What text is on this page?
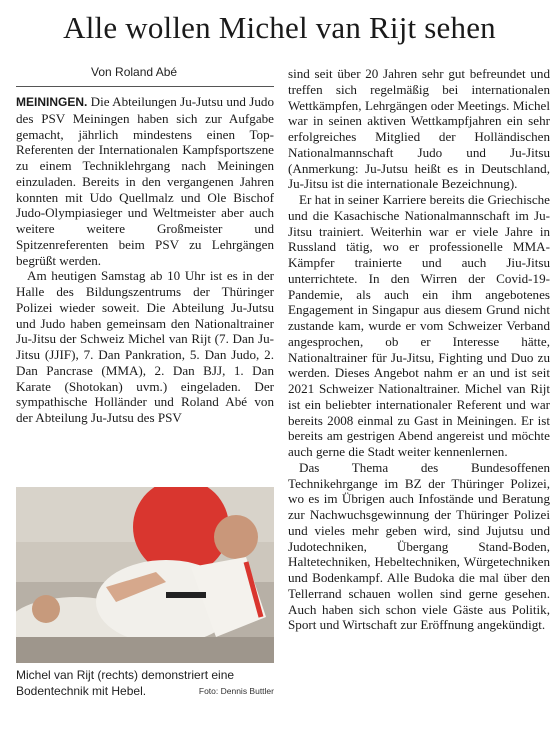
Alle wollen Michel van Rijt sehen
Von Roland Abé

MEININGEN. Die Abteilungen Ju-Jutsu und Judo des PSV Meiningen haben sich zur Aufgabe gemacht, jährlich mindestens einen Top-Referenten der Internationalen Kampfsportszene zu einem Techniklehrgang nach Meiningen einzuladen. Bereits in den vergangenen Jahren konnten mit Udo Quellmalz und Ole Bischof Judo-Olympiasieger und Weltmeister aber auch weitere weitere Großmeister und Spitzenreferenten beim PSV zu Lehrgängen begrüßt werden.

Am heutigen Samstag ab 10 Uhr ist es in der Halle des Bildungszentrums der Thüringer Polizei wieder soweit. Die Abteilung Ju-Jutsu und Judo haben gemeinsam den Nationaltrainer Ju-Jitsu der Schweiz Michel van Rijt (7. Dan Ju-Jitsu (JJIF), 7. Dan Pankration, 5. Dan Judo, 2. Dan Pancrase (MMA), 2. Dan BJJ, 1. Dan Karate (Shotokan) uvm.) eingeladen. Der sympathische Holländer und Roland Abé von der Abteilung Ju-Jutsu des PSV

Michel van Rijt (rechts) demonstriert eine Bodentechnik mit Hebel.	Foto: Dennis Buttler

sind seit über 20 Jahren sehr gut befreundet und treffen sich regelmäßig bei internationalen Wettkämpfen, Lehrgängen oder Meetings. Michel war in seinen aktiven Wettkampfjahren ein sehr erfolgreiches Mitglied der Holländischen Nationalmannschaft Judo und Ju-Jitsu (Anmerkung: Ju-Jutsu heißt es in Deutschland, Ju-Jitsu ist die internationale Bezeichnung).

Er hat in seiner Karriere bereits die Griechische und die Kasachische Nationalmannschaft im Ju-Jitsu trainiert. Weiterhin war er viele Jahre in Russland tätig, wo er professionelle MMA-Kämpfer trainierte und auch Jiu-Jitsu unterrichtete. In den Wirren der Covid-19-Pandemie, als auch ein ihm angebotenes Engagement in Singapur aus diesem Grund nicht zustande kam, wurde er vom Schweizer Verband angesprochen, ob er Interesse hätte, Nationaltrainer für Ju-Jitsu, Fighting und Duo zu werden. Dieses Angebot nahm er an und ist seit 2021 Schweizer Nationaltrainer. Michel van Rijt ist ein beliebter internationaler Referent und war bereits 2008 einmal zu Gast in Meiningen. Er ist bereits am gestrigen Abend angereist und möchte auch gerne die Stadt weiter kennenlernen.

Das Thema des Bundesoffenen Technikehrgange im BZ der Thüringer Polizei, wo es im Übrigen auch Infostände und Beratung zur Nachwuchsgewinnung der Thüringer Polizei und vieles mehr geben wird, sind Jujutsu und Judotechniken, Übergang Stand-Boden, Haltetechniken, Hebeltechniken, Würgetechniken und Bodenkampf. Alle Budoka die mal über den Tellerrand schauen wollen sind gerne gesehen. Auch haben sich schon viele Gäste aus Politik, Sport und Wirtschaft zur Eröffnung angekündigt.
